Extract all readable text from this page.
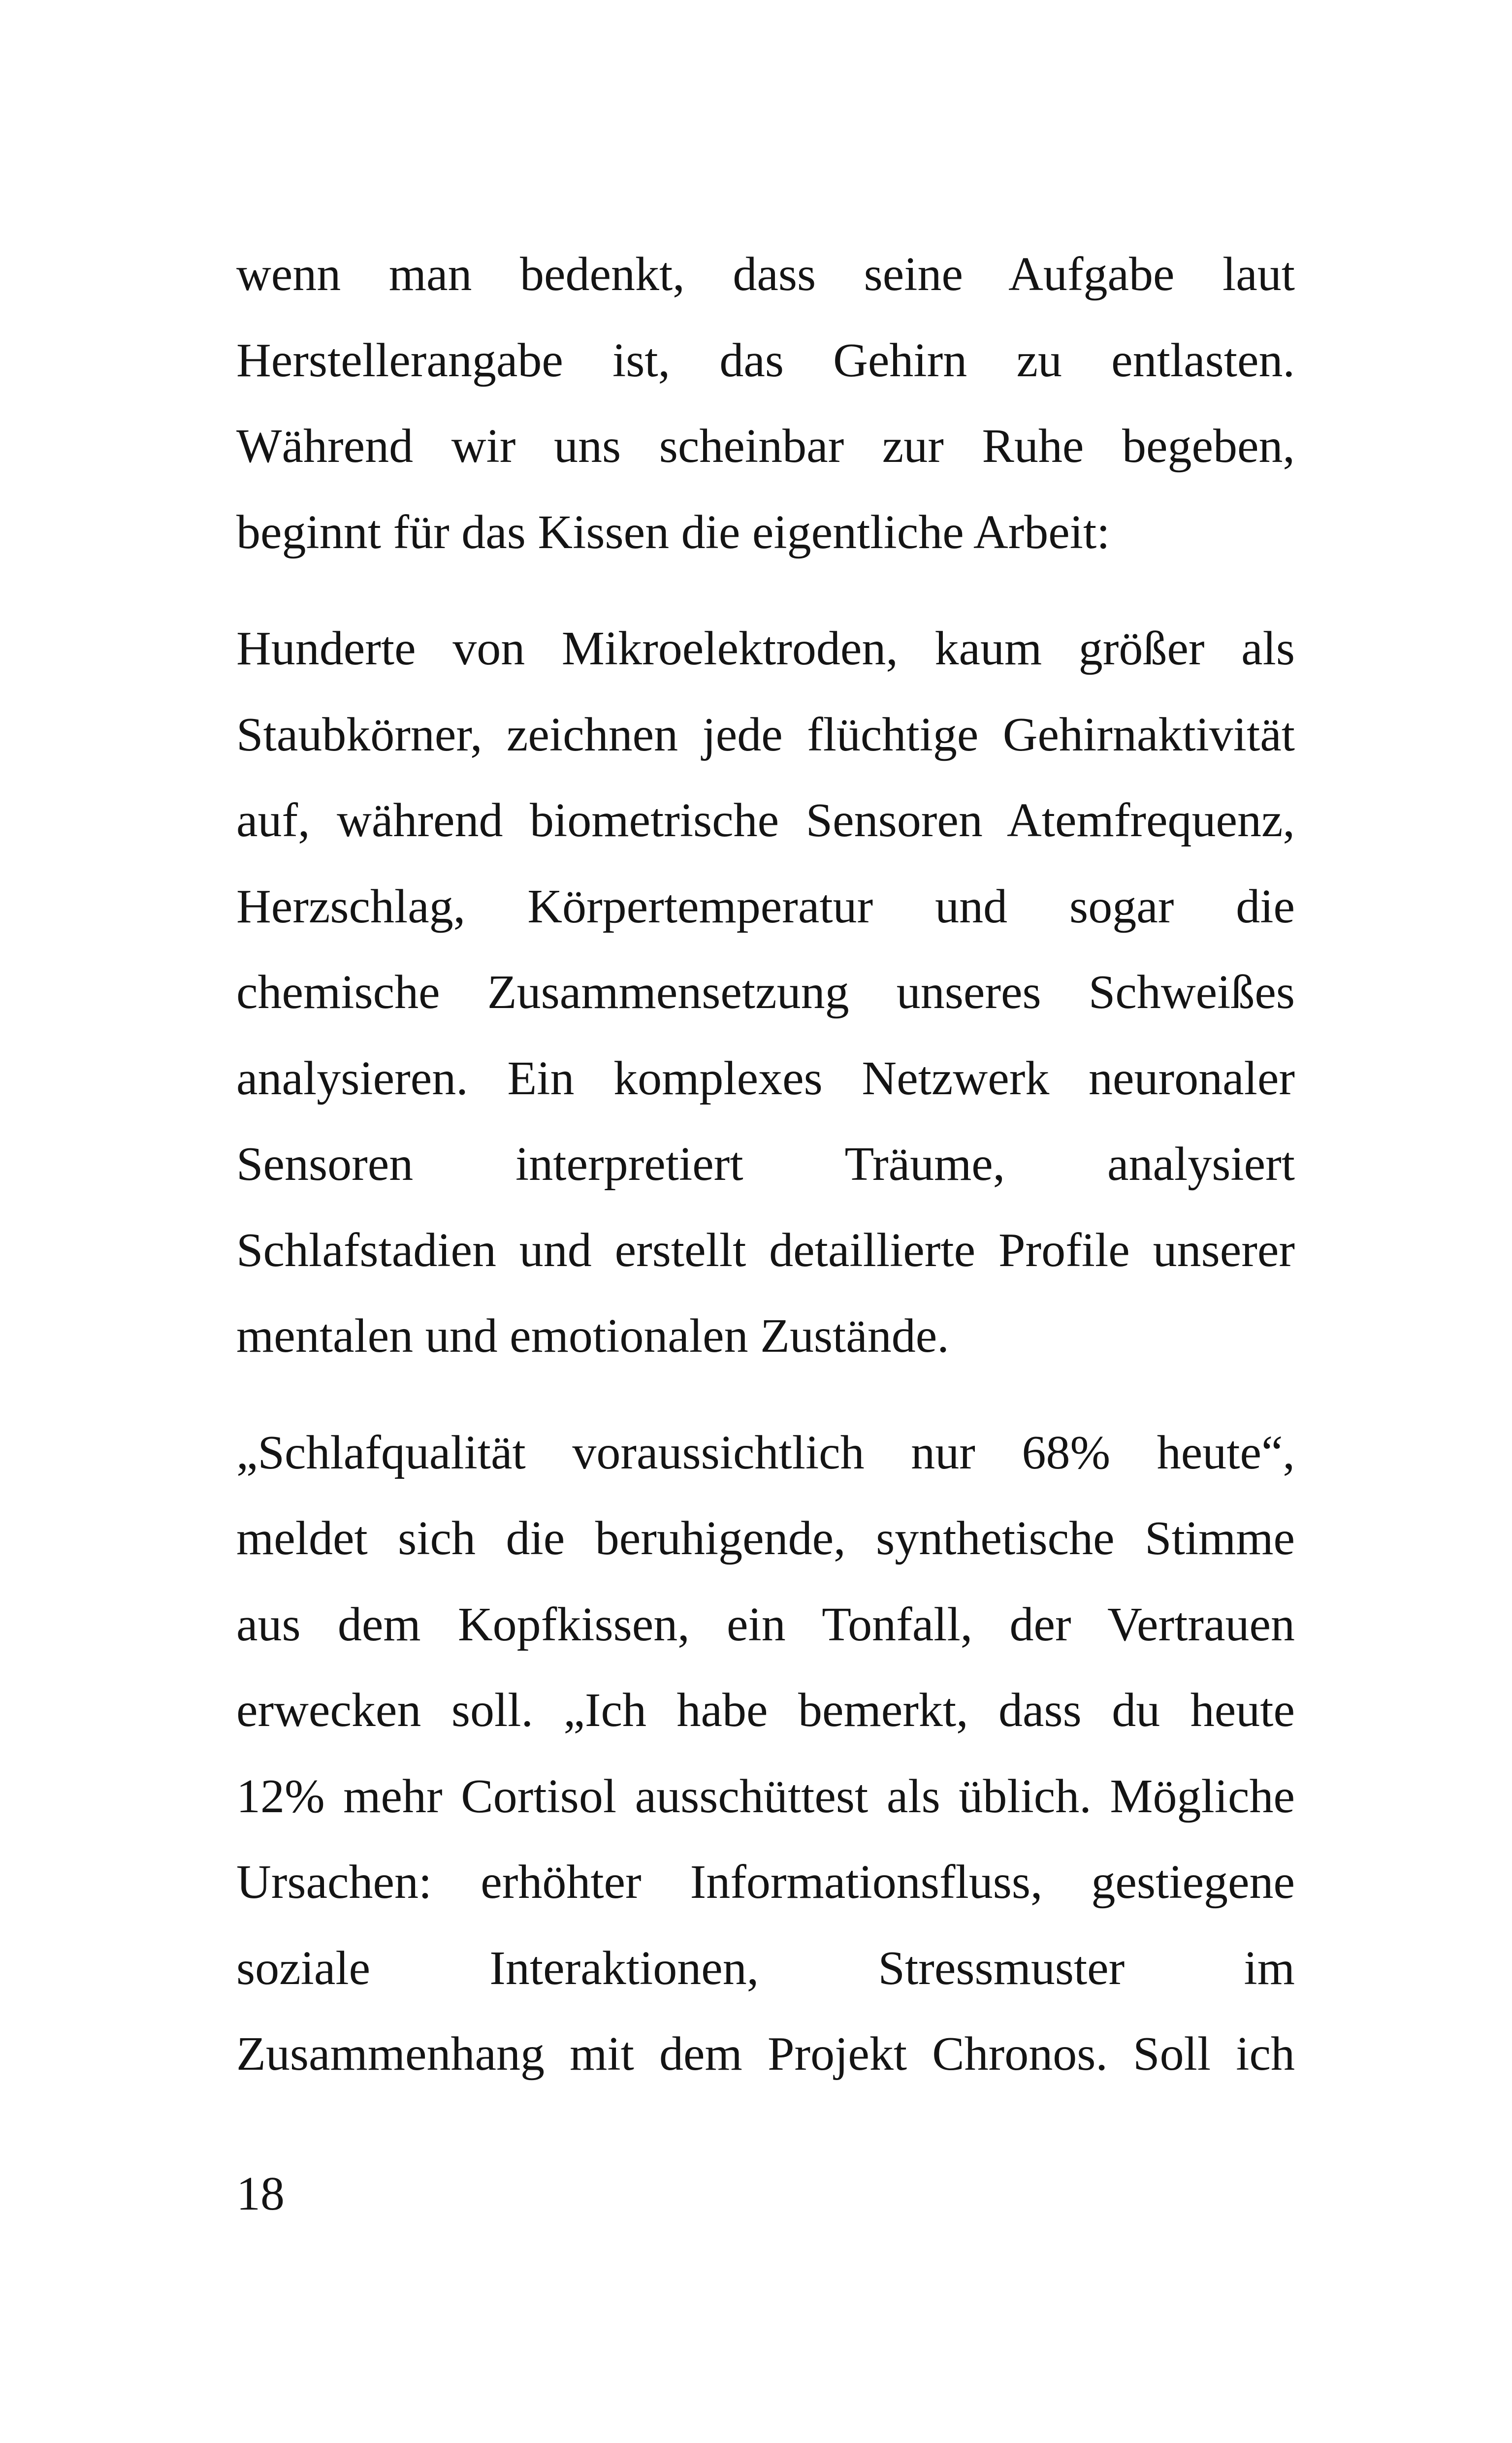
wenn man bedenkt, dass seine Aufgabe laut
Herstellerangabe ist, das Gehirn zu entlasten.
Während wir uns scheinbar zur Ruhe begeben,
beginnt für das Kissen die eigentliche Arbeit:

Hunderte von Mikroelektroden, kaum größer als
Staubkörner, zeichnen jede flüchtige Gehirnaktivität
auf, während biometrische Sensoren Atemfrequenz,
Herzschlag, Körpertemperatur und sogar die
chemische Zusammensetzung unseres Schweißes
analysieren. Ein komplexes Netzwerk neuronaler
Sensoren interpretiert Träume, analysiert
Schlafstadien und erstellt detaillierte Profile unserer
mentalen und emotionalen Zustände.

„Schlafqualität voraussichtlich nur 68% heute“,
meldet sich die beruhigende, synthetische Stimme
aus dem Kopfkissen, ein Tonfall, der Vertrauen
erwecken soll. „Ich habe bemerkt, dass du heute
12% mehr Cortisol ausschüttest als üblich. Mögliche
Ursachen: erhöhter Informationsfluss, gestiegene
soziale Interaktionen, Stressmuster im
Zusammenhang mit dem Projekt Chronos. Soll ich

18
